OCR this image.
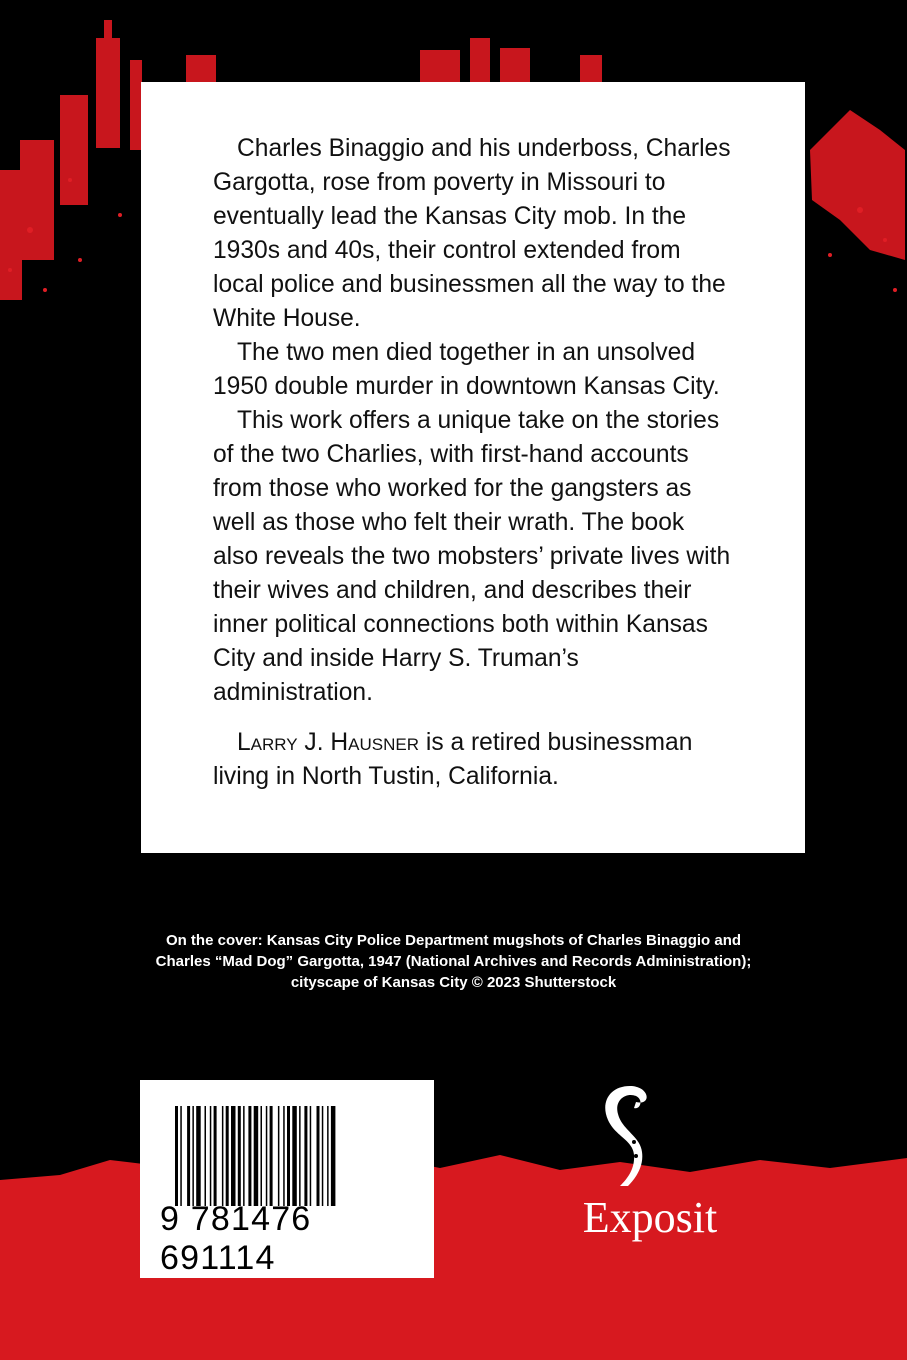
Charles Binaggio and his underboss, Charles Gargotta, rose from poverty in Missouri to eventually lead the Kansas City mob. In the 1930s and 40s, their control extended from local police and businessmen all the way to the White House.

The two men died together in an unsolved 1950 double murder in downtown Kansas City.

This work offers a unique take on the stories of the two Charlies, with first-hand accounts from those who worked for the gangsters as well as those who felt their wrath. The book also reveals the two mobsters’ private lives with their wives and children, and describes their inner political connections both within Kansas City and inside Harry S. Truman’s administration.

Larry J. Hausner is a retired businessman living in North Tustin, California.

On the cover: Kansas City Police Department mugshots of Charles Binaggio and
Charles “Mad Dog” Gargotta, 1947 (National Archives and Records Administration);
cityscape of Kansas City © 2023 Shutterstock
9 781476 691114
Exposit
